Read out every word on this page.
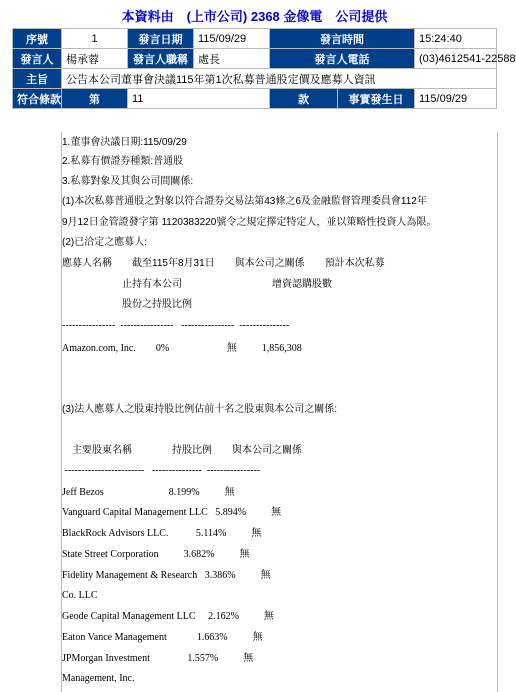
本資料由　(上市公司) 2368 金像電　公司提供
序號	1	發言日期	115/09/29	發言時間		15:24:40
發言人	楊承蓉	發言人職稱	處長	發言人電話		(03)4612541-22588
主旨	公告本公司董事會決議115年第1次私募普通股定價及應募人資訊					
符合條款	第	11		款	事實發生日	115/09/29
1.董事會決議日期:115/09/29
2.私募有價證券種類:普通股
3.私募對象及其與公司間關係:
(1)本次私募普通股之對象以符合證券交易法第43條之6及金融監督管理委員會112年
9月12日金管證發字第 1120383220號令之規定擇定特定人，並以策略性投資人為限。
(2)已洽定之應募人:
應募人名稱　　截至115年8月31日　　與本公司之關係　　預計本次私募
　　　　　　止持有本公司　　　　　　　　　增資認購股數
　　　　　　股份之持股比例
----------------  ----------------   ----------------  ---------------
Amazon.com, Inc.        0%                       無          1,856,308
(3)法人應募人之股東持股比例佔前十名之股東與本公司之關係:
　主要股東名稱　　　　持股比例　　與本公司之關係
------------------------   ---------------  ----------------
Jeff Bezos                          8.199%          無
Vanguard Capital Management LLC   5.894%          無
BlackRock Advisors LLC.           5.114%          無
State Street Corporation          3.682%          無
Fidelity Management & Research   3.386%          無
Co. LLC
Geode Capital Management LLC     2.162%          無
Eaton Vance Management            1.663%          無
JPMorgan Investment               1.557%          無
Management, Inc.
